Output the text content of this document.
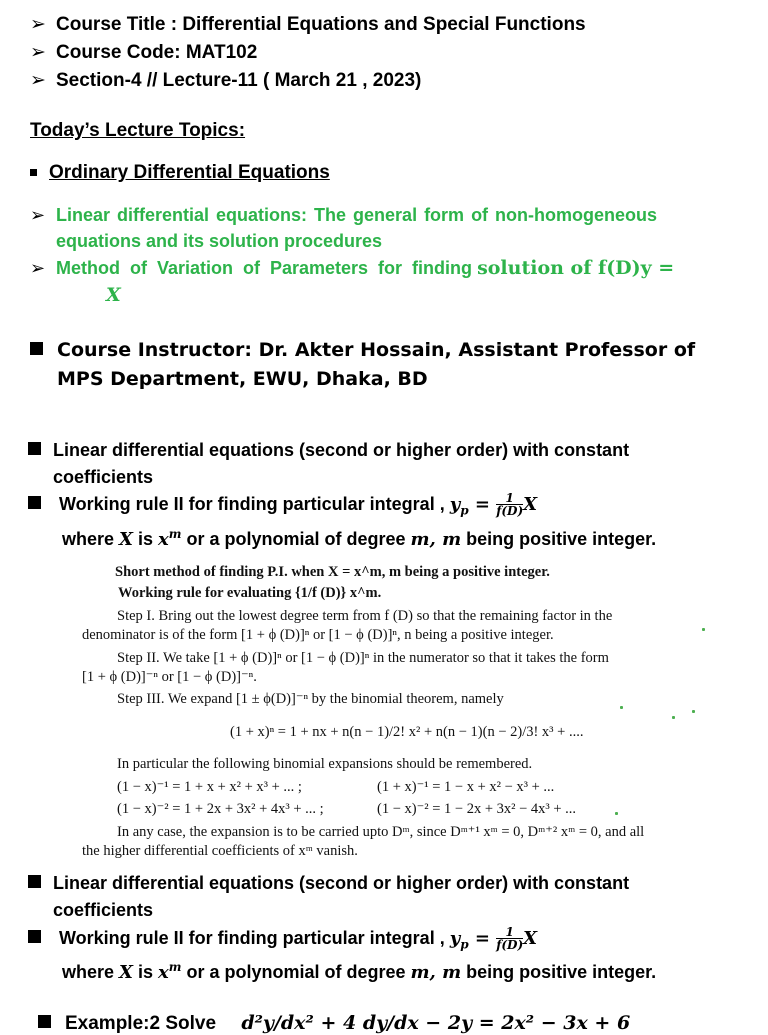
➢ Course Title : Differential Equations and Special Functions
➢ Course Code: MAT102
➢ Section-4 // Lecture-11 ( March 21 , 2023)
Today’s Lecture Topics:
Ordinary Differential Equations
➢ Linear differential equations: The general form of non-homogeneous
equations and its solution procedures
➢ Method of Variation of Parameters for finding solution of f(D)y =
X
Course Instructor: Dr. Akter Hossain, Assistant Professor of
MPS Department, EWU, Dhaka, BD
Linear differential equations (second or higher order) with constant
coefficients
Working rule II for finding particular integral , $y_p = \frac{1}{f(D)}$ X
where X is $x^m$ or a polynomial of degree m, m being positive integer.
Short method of finding P.I. when X = x^m, m being a positive integer.
Working rule for evaluating {1/f (D)} x^m.
Step I. Bring out the lowest degree term from f (D) so that the remaining factor in the
denominator is of the form [1 + ϕ (D)]ⁿ or [1 − ϕ (D)]ⁿ, n being a positive integer.
Step II. We take [1 + ϕ (D)]ⁿ or [1 − ϕ (D)]ⁿ in the numerator so that it takes the form
[1 + ϕ (D)]⁻ⁿ or [1 − ϕ (D)]⁻ⁿ.
Step III. We expand [1 ± ϕ(D)]⁻ⁿ by the binomial theorem, namely
(1 + x)ⁿ = 1 + nx + n(n − 1)/2! x² + n(n − 1)(n − 2)/3! x³ + ....
In particular the following binomial expansions should be remembered.
(1 − x)⁻¹ = 1 + x + x² + x³ + ... ;	(1 + x)⁻¹ = 1 − x + x² − x³ + ...
(1 − x)⁻² = 1 + 2x + 3x² + 4x³ + ... ;	(1 − x)⁻² = 1 − 2x + 3x² − 4x³ + ...
In any case, the expansion is to be carried upto Dᵐ, since Dᵐ⁺¹ xᵐ = 0, Dᵐ⁺² xᵐ = 0, and all
the higher differential coefficients of xᵐ vanish.
Linear differential equations (second or higher order) with constant
coefficients
Working rule II for finding particular integral , $y_p = \frac{1}{f(D)}$ X
where X is $x^m$ or a polynomial of degree m, m being positive integer.
Example:2 Solve d²y/dx² + 4 dy/dx − 2y = 2x² − 3x + 6
